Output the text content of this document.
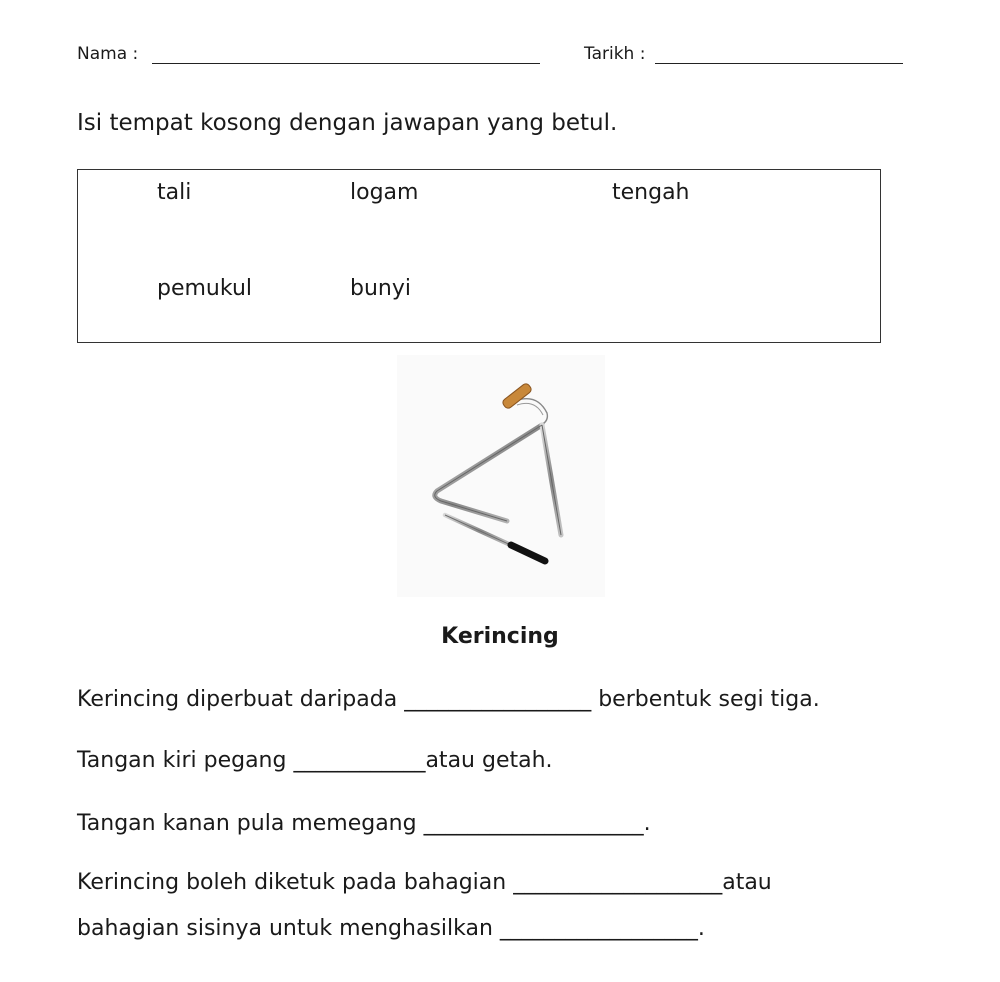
Nama :	Tarikh :
Isi tempat kosong dengan jawapan yang betul.
tali	logam	tengah
pemukul	bunyi
Kerincing
Kerincing diperbuat daripada _________________ berbentuk segi tiga.
Tangan kiri pegang ____________atau getah.
Tangan kanan pula memegang ____________________.
Kerincing boleh diketuk pada bahagian ___________________atau
bahagian sisinya untuk menghasilkan __________________.
